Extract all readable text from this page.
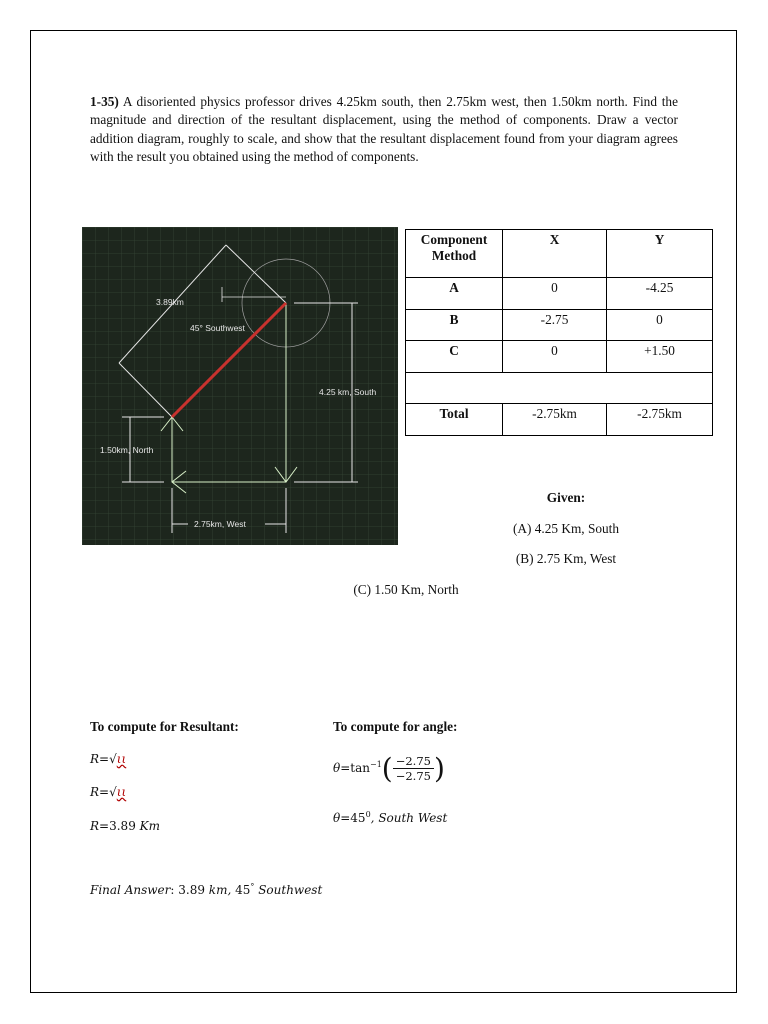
1-35) A disoriented physics professor drives 4.25km south, then 2.75km west, then 1.50km north. Find the magnitude and direction of the resultant displacement, using the method of components. Draw a vector addition diagram, roughly to scale, and show that the resultant displacement found from your diagram agrees with the result you obtained using the method of components.
3.89km
45° Southwest
4.25 km, South
1.50km, North
2.75km, West
Component Method	X	Y
A	0	-4.25
B	-2.75	0
C	0	+1.50

Total	-2.75km	-2.75km
Given:
(A) 4.25 Km, South
(B) 2.75 Km, West
(C) 1.50 Km, North
To compute for Resultant:
R=√ιι
R=√ιι
R=3.89 Km
To compute for angle:
$\theta=\tan^{-1}( \frac{-2.75}{-2.75}$ )
$\theta=45^0$, South West
Final Answer: 3.89 km, 45° Southwest
